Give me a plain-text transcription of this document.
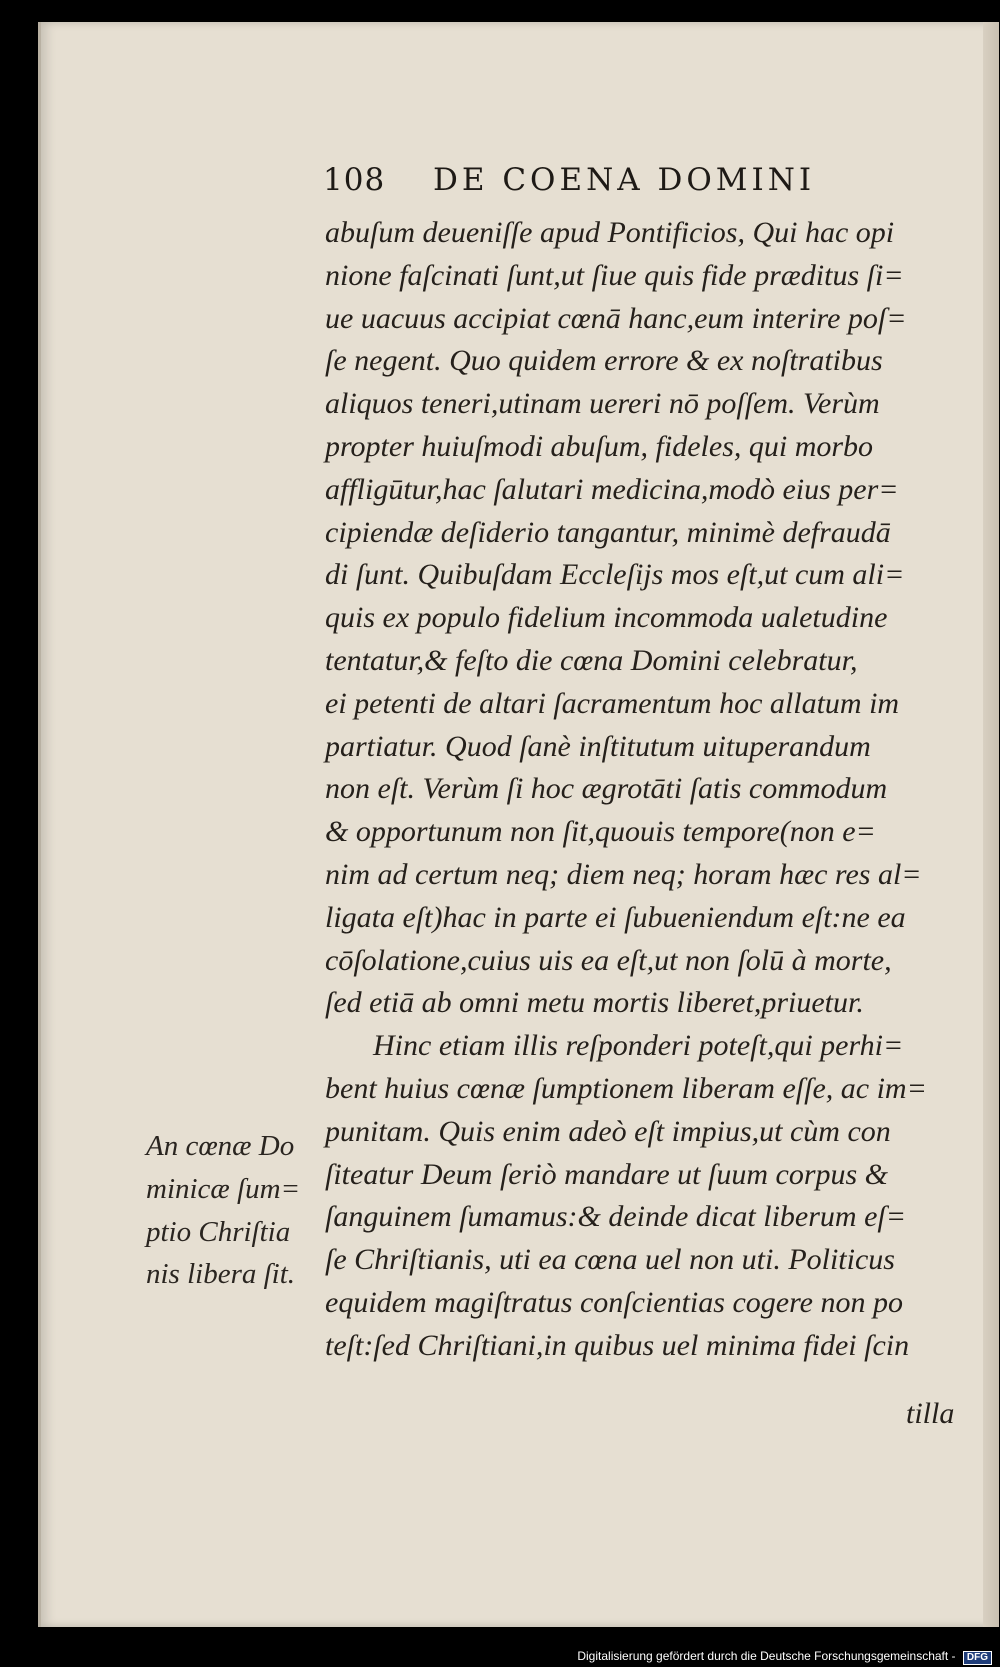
108 DE COENA DOMINI
abuſum deueniſſe apud Pontificios, Qui hac opi
nione faſcinati ſunt,ut ſiue quis fide præditus ſi=
ue uacuus accipiat cœnā hanc,eum interire poſ=
ſe negent. Quo quidem errore & ex noſtratibus
aliquos teneri,utinam uereri nō poſſem. Verùm
propter huiuſmodi abuſum, fideles, qui morbo
affligūtur,hac ſalutari medicina,modò eius per=
cipiendæ deſiderio tangantur, minimè defraudā
di ſunt. Quibuſdam Eccleſijs mos eſt,ut cum ali=
quis ex populo fidelium incommoda ualetudine
tentatur,& feſto die cœna Domini celebratur,
ei petenti de altari ſacramentum hoc allatum im
partiatur. Quod ſanè inſtitutum uituperandum
non eſt. Verùm ſi hoc ægrotāti ſatis commodum
& opportunum non ſit,quouis tempore(non e=
nim ad certum neq; diem neq; horam hæc res al=
ligata eſt)hac in parte ei ſubueniendum eſt:ne ea
cōſolatione,cuius uis ea eſt,ut non ſolū à morte,
ſed etiā ab omni metu mortis liberet,priuetur.
Hinc etiam illis reſponderi poteſt,qui perhi=
bent huius cœnæ ſumptionem liberam eſſe, ac im=
punitam. Quis enim adeò eſt impius,ut cùm con
ſiteatur Deum ſeriò mandare ut ſuum corpus &
ſanguinem ſumamus:& deinde dicat liberum eſ=
ſe Chriſtianis, uti ea cœna uel non uti. Politicus
equidem magiſtratus conſcientias cogere non po
teſt:ſed Chriſtiani,in quibus uel minima fidei ſcin
tilla
An cœnæ Do
minicæ ſum=
ptio Chriſtia
nis libera ſit.
Digitalisierung gefördert durch die Deutsche Forschungsgemeinschaft - DFG
